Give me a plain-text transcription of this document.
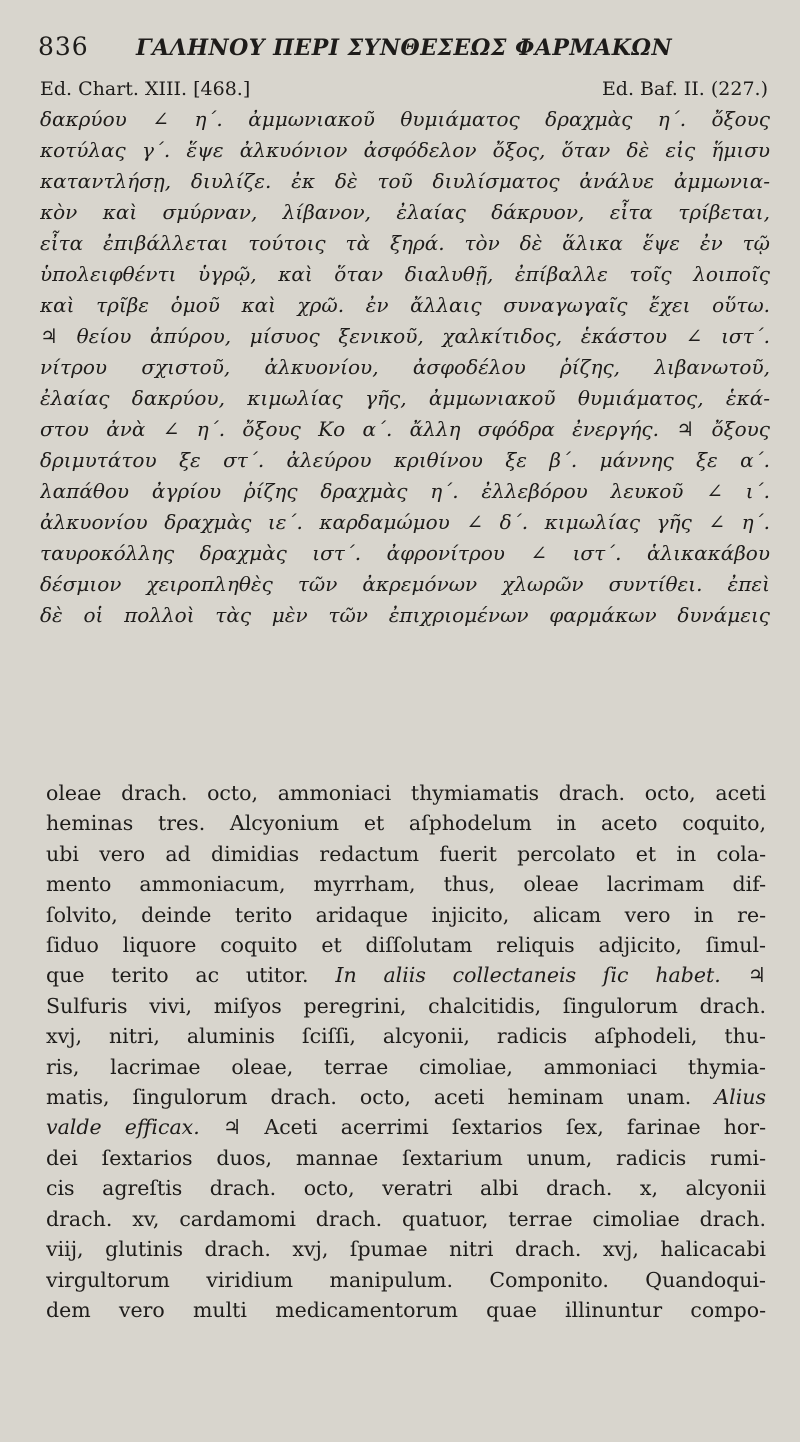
836 ΓΑΛΗΝΟΥ ΠΕΡΙ ΣΥΝΘΕΣΕΩΣ ΦΑΡΜΑΚΩΝ
Ed. Chart. XIII. [468.]	Ed. Baf. II. (227.)
δακρύου ∠ η΄. ἀμμωνιακοῦ θυμιάματος δραχμὰς η΄. ὄξους
κοτύλας γ΄. ἕψε ἀλκυόνιον ἀσφόδελον ὄξος, ὅταν δὲ εἰς ἥμισυ
καταντλήσῃ, διυλίζε. ἐκ δὲ τοῦ διυλίσματος ἀνάλυε ἀμμωνια-
κὸν καὶ σμύρναν, λίβανον, ἐλαίας δάκρυον, εἶτα τρίβεται,
εἶτα ἐπιβάλλεται τούτοις τὰ ξηρά. τὸν δὲ ἅλικα ἕψε ἐν τῷ
ὑπολειφθέντι ὑγρῷ, καὶ ὅταν διαλυθῇ, ἐπίβαλλε τοῖς λοιποῖς
καὶ τρῖβε ὁμοῦ καὶ χρῶ. ἐν ἄλλαις συναγωγαῖς ἔχει οὕτω.
♃ θείου ἀπύρου, μίσυος ξενικοῦ, χαλκίτιδος, ἑκάστου ∠ ιστ΄.
νίτρου σχιστοῦ, ἀλκυονίου, ἀσφοδέλου ῥίζης, λιβανωτοῦ,
ἐλαίας δακρύου, κιμωλίας γῆς, ἀμμωνιακοῦ θυμιάματος, ἑκά-
στου ἀνὰ ∠ η΄. ὄξους Κο α΄. ἄλλη σφόδρα ἐνεργής. ♃ ὄξους
δριμυτάτου ξε στ΄. ἀλεύρου κριθίνου ξε β΄. μάννης ξε α΄.
λαπάθου ἀγρίου ῥίζης δραχμὰς η΄. ἐλλεβόρου λευκοῦ ∠ ι΄.
ἀλκυονίου δραχμὰς ιε΄. καρδαμώμου ∠ δ΄. κιμωλίας γῆς ∠ η΄.
ταυροκόλλης δραχμὰς ιστ΄. ἀφρονίτρου ∠ ιστ΄. ἁλικακάβου
δέσμιον χειροπληθὲς τῶν ἀκρεμόνων χλωρῶν συντίθει. ἐπεὶ
δὲ οἱ πολλοὶ τὰς μὲν τῶν ἐπιχριομένων φαρμάκων δυνάμεις
oleae drach. octo, ammoniaci thymiamatis drach. octo, aceti
heminas tres. Alcyonium et aſphodelum in aceto coquito,
ubi vero ad dimidias redactum fuerit percolato et in cola-
mento ammoniacum, myrrham, thus, oleae lacrimam dif-
ſolvito, deinde terito aridaque injicito, alicam vero in re-
ſiduo liquore coquito et diſſolutam reliquis adjicito, ſimul-
que terito ac utitor. In aliis collectaneis ſic habet. ♃
Sulfuris vivi, miſyos peregrini, chalcitidis, ſingulorum drach.
xvj, nitri, aluminis ſciſſi, alcyonii, radicis aſphodeli, thu-
ris, lacrimae oleae, terrae cimoliae, ammoniaci thymia-
matis, ſingulorum drach. octo, aceti heminam unam. Alius
valde efficax. ♃ Aceti acerrimi ſextarios ſex, farinae hor-
dei ſextarios duos, mannae ſextarium unum, radicis rumi-
cis agreſtis drach. octo, veratri albi drach. x, alcyonii
drach. xv, cardamomi drach. quatuor, terrae cimoliae drach.
viij, glutinis drach. xvj, ſpumae nitri drach. xvj, halicacabi
virgultorum viridium manipulum. Componito. Quandoqui-
dem vero multi medicamentorum quae illinuntur compo-
